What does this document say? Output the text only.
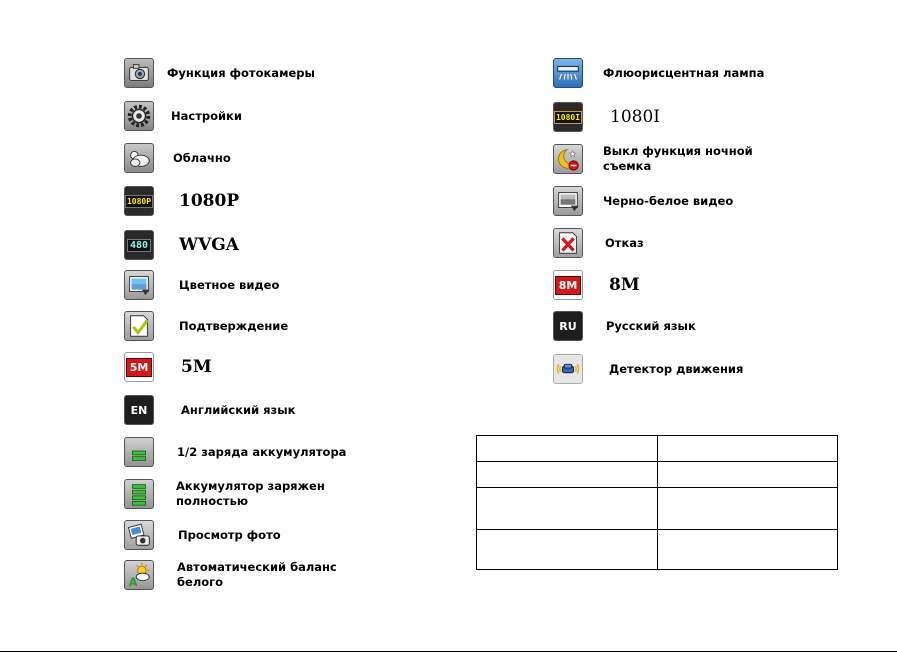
Функция фотокамеры
Настройки
Облачно
1080P 1080P
480 WVGA
Цветное видео
Подтверждение
5M 5M
EN	Английский язык
1/2 заряда аккумулятора
Аккумулятор заряжен полностью
Просмотр фото
A
Автоматический баланс белого
Флюорисцентная лампа
1080I 1080I
Выкл функция ночной съемка
Черно-белое видео
Отказ
8M 8M
RU	Русский язык
Детектор движения
